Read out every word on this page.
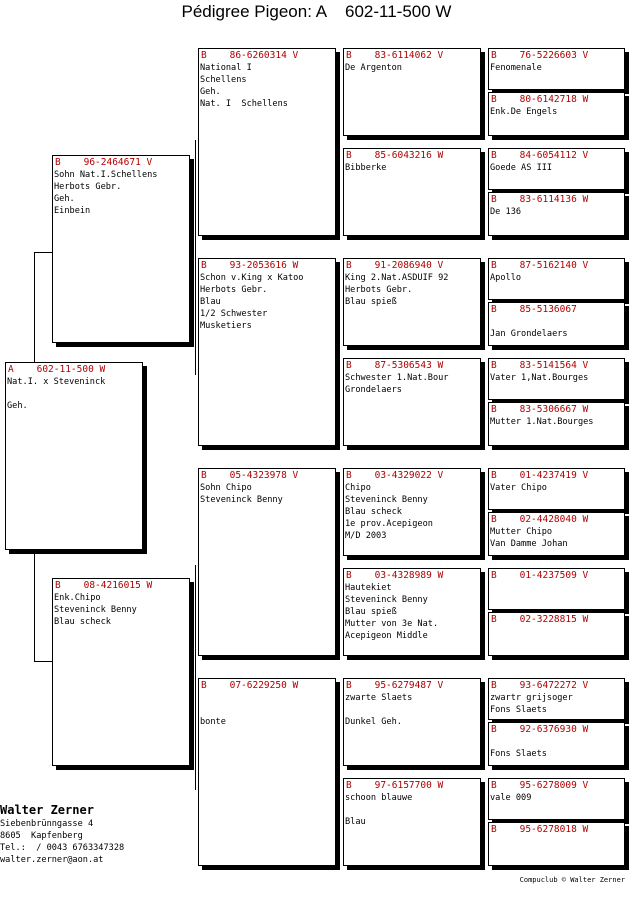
Pédigree Pigeon: A    602-11-500 W
A    602-11-500 W
Nat.I. x Steveninck
Geh.
B    96-2464671 V
Sohn Nat.I.Schellens
Herbots Gebr.
Geh.
Einbein
B    08-4216015 W
Enk.Chipo
Steveninck Benny
Blau scheck
B    86-6260314 V
National I
Schellens
Geh.
Nat. I  Schellens
B    93-2053616 W
Schon v.King x Katoo
Herbots Gebr.
Blau
1/2 Schwester
Musketiers
B    05-4323978 V
Sohn Chipo
Steveninck Benny
B    07-6229250 W
bonte
B    83-6114062 V
De Argenton
B    85-6043216 W
Bibberke
B    91-2086940 V
King 2.Nat.ASDUIF 92
Herbots Gebr.
Blau spieß
B    87-5306543 W
Schwester 1.Nat.Bour
Grondelaers
B    03-4329022 V
Chipo
Steveninck Benny
Blau scheck
1e prov.Acepigeon
M/D 2003
B    03-4328989 W
Hautekiet
Steveninck Benny
Blau spieß
Mutter von 3e Nat.
Acepigeon Middle
B    95-6279487 V
zwarte Slaets
Dunkel Geh.
B    97-6157700 W
schoon blauwe
Blau
B    76-5226603 V
Fenomenale
B    80-6142718 W
Enk.De Engels
B    84-6054112 V
Goede AS III
B    83-6114136 W
De 136
B    87-5162140 V
Apollo
B    85-5136067
Jan Grondelaers
B    83-5141564 V
Vater 1,Nat.Bourges
B    83-5306667 W
Mutter 1.Nat.Bourges
B    01-4237419 V
Vater Chipo
B    02-4428040 W
Mutter Chipo
Van Damme Johan
B    01-4237509 V
B    02-3228815 W
B    93-6472272 V
zwartr grijsoger
Fons Slaets
B    92-6376930 W
Fons Slaets
B    95-6278009 V
vale 009
B    95-6278018 W
Walter Zerner
Siebenbrünngasse 4
8605  Kapfenberg
Tel.:  / 0043 6763347328
walter.zerner@aon.at
Compuclub © Walter Zerner
